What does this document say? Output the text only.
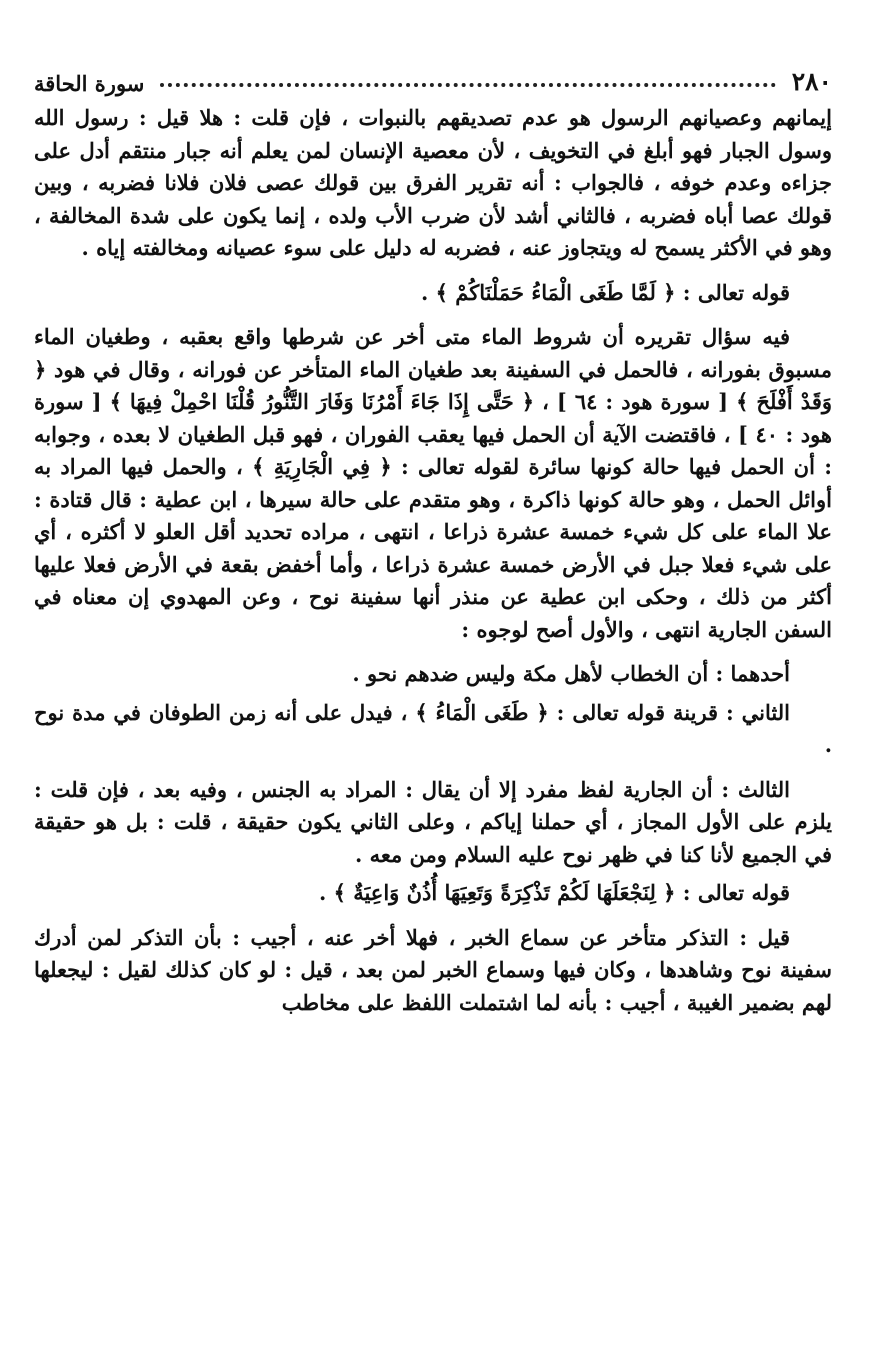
٢٨٠
سورة الحاقة

إيمانهم وعصيانهم الرسول هو عدم تصديقهم بالنبوات ، فإن قلت : هلا قيل : رسول الله وسول الجبار فهو أبلغ في التخويف ، لأن معصية الإنسان لمن يعلم أنه جبار منتقم أدل على جزاءه وعدم خوفه ، فالجواب : أنه تقرير الفرق بين قولك عصى فلان فلانا فضربه ، وبين قولك عصا أباه فضربه ، فالثاني أشد لأن ضرب الأب ولده ، إنما يكون على شدة المخالفة ، وهو في الأكثر يسمح له ويتجاوز عنه ، فضربه له دليل على سوء عصيانه ومخالفته إياه .

قوله تعالى : ﴿ لَمَّا طَغَى الْمَاءُ حَمَلْنَاكُمْ ﴾ .

فيه سؤال تقريره أن شروط الماء متى أخر عن شرطها واقع بعقبه ، وطغيان الماء مسبوق بفورانه ، فالحمل في السفينة بعد طغيان الماء المتأخر عن فورانه ، وقال في هود ﴿ وَقَدْ أَفْلَحَ ﴾ [ سورة هود : ٦٤ ] ، ﴿ حَتَّى إِذَا جَاءَ أَمْرُنَا وَفَارَ التَّنُّورُ قُلْنَا احْمِلْ فِيهَا ﴾ [ سورة هود : ٤٠ ] ، فاقتضت الآية أن الحمل فيها يعقب الفوران ، فهو قبل الطغيان لا بعده ، وجوابه : أن الحمل فيها حالة كونها سائرة لقوله تعالى : ﴿ فِي الْجَارِيَةِ ﴾ ، والحمل فيها المراد به أوائل الحمل ، وهو حالة كونها ذاكرة ، وهو متقدم على حالة سيرها ، ابن عطية : قال قتادة : علا الماء على كل شيء خمسة عشرة ذراعا ، انتهى ، مراده تحديد أقل العلو لا أكثره ، أي على شيء فعلا جبل في الأرض خمسة عشرة ذراعا ، وأما أخفض بقعة في الأرض فعلا عليها أكثر من ذلك ، وحكى ابن عطية عن منذر أنها سفينة نوح ، وعن المهدوي إن معناه في السفن الجارية انتهى ، والأول أصح لوجوه :

أحدهما : أن الخطاب لأهل مكة وليس ضدهم نحو .

الثاني : قرينة قوله تعالى : ﴿ طَغَى الْمَاءُ ﴾ ، فيدل على أنه زمن الطوفان في مدة نوح .

الثالث : أن الجارية لفظ مفرد إلا أن يقال : المراد به الجنس ، وفيه بعد ، فإن قلت : يلزم على الأول المجاز ، أي حملنا إياكم ، وعلى الثاني يكون حقيقة ، قلت : بل هو حقيقة في الجميع لأنا كنا في ظهر نوح عليه السلام ومن معه .

قوله تعالى : ﴿ لِنَجْعَلَهَا لَكُمْ تَذْكِرَةً وَتَعِيَهَا أُذُنٌ وَاعِيَةٌ ﴾ .

قيل : التذكر متأخر عن سماع الخبر ، فهلا أخر عنه ، أجيب : بأن التذكر لمن أدرك سفينة نوح وشاهدها ، وكان فيها وسماع الخبر لمن بعد ، قيل : لو كان كذلك لقيل : ليجعلها لهم بضمير الغيبة ، أجيب : بأنه لما اشتملت اللفظ على مخاطب
